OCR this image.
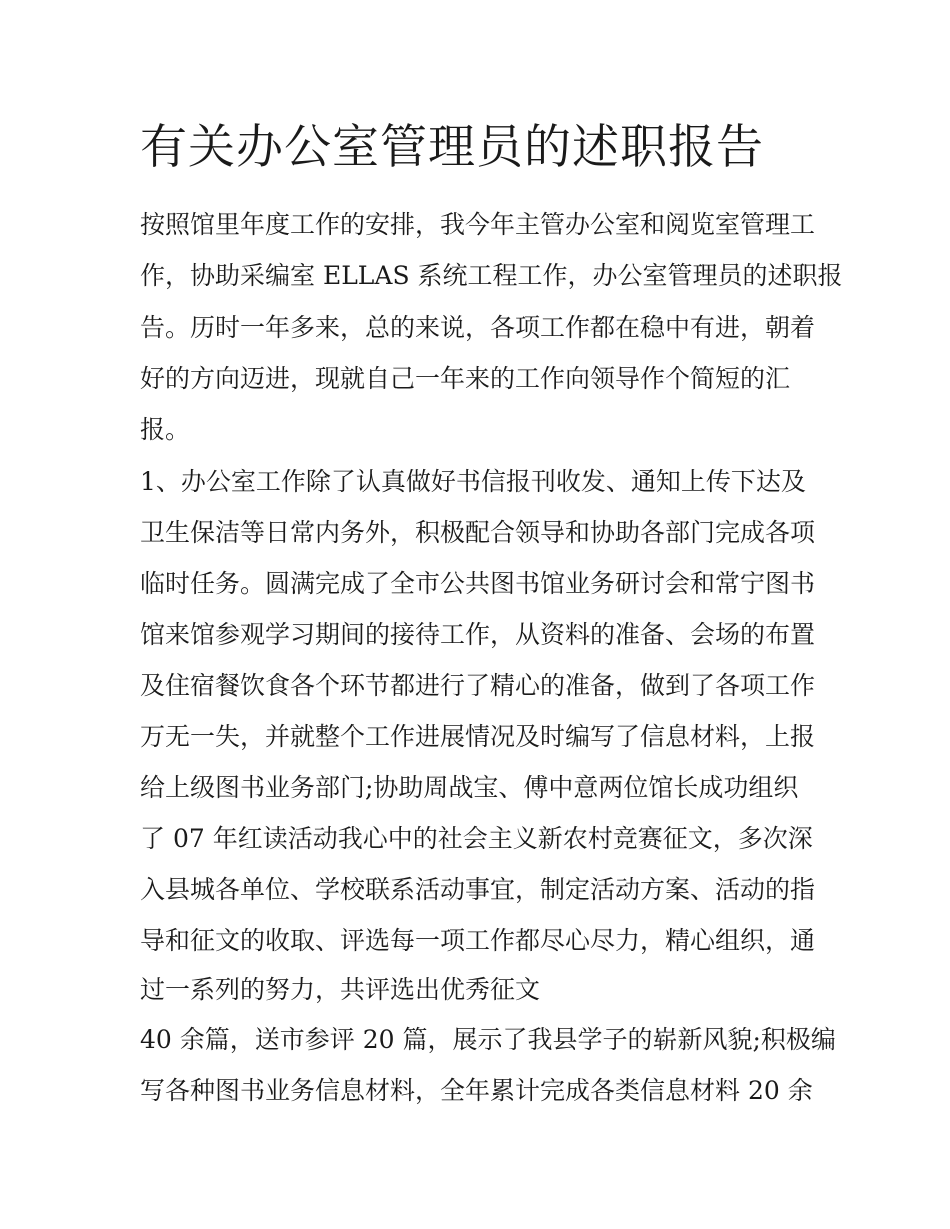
有关办公室管理员的述职报告
按照馆里年度工作的安排，我今年主管办公室和阅览室管理工
作，协助采编室 ELLAS 系统工程工作，办公室管理员的述职报
告。历时一年多来，总的来说，各项工作都在稳中有进，朝着
好的方向迈进，现就自己一年来的工作向领导作个简短的汇
报。
1、办公室工作除了认真做好书信报刊收发、通知上传下达及
卫生保洁等日常内务外，积极配合领导和协助各部门完成各项
临时任务。圆满完成了全市公共图书馆业务研讨会和常宁图书
馆来馆参观学习期间的接待工作，从资料的准备、会场的布置
及住宿餐饮食各个环节都进行了精心的准备，做到了各项工作
万无一失，并就整个工作进展情况及时编写了信息材料，上报
给上级图书业务部门;协助周战宝、傅中意两位馆长成功组织
了 07 年红读活动我心中的社会主义新农村竞赛征文，多次深
入县城各单位、学校联系活动事宜，制定活动方案、活动的指
导和征文的收取、评选每一项工作都尽心尽力，精心组织，通
过一系列的努力，共评选出优秀征文
40 余篇，送市参评 20 篇，展示了我县学子的崭新风貌;积极编
写各种图书业务信息材料，全年累计完成各类信息材料 20 余
